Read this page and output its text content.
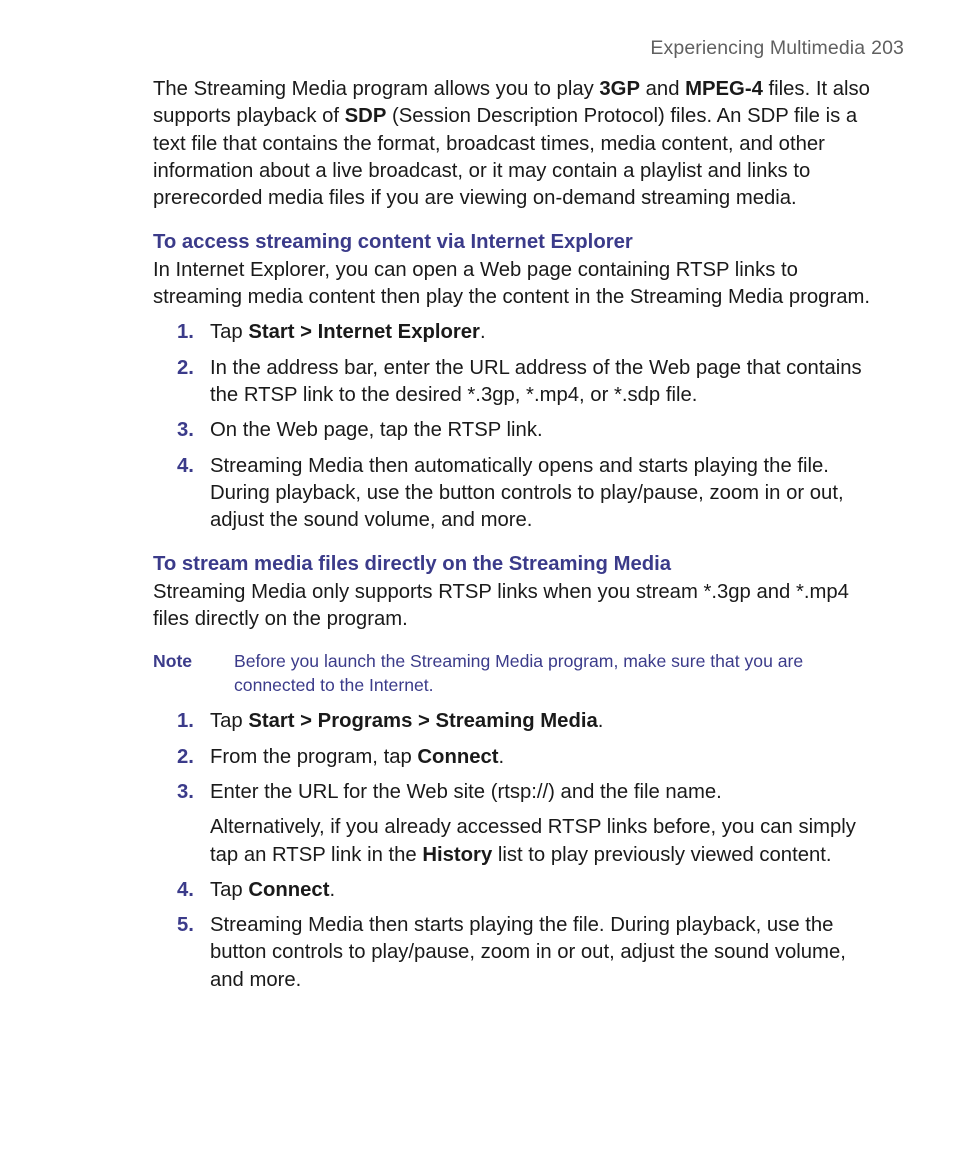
Experiencing Multimedia 203

The Streaming Media program allows you to play 3GP and MPEG-4 files. It also supports playback of SDP (Session Description Protocol) files. An SDP file is a text file that contains the format, broadcast times, media content, and other information about a live broadcast, or it may contain a playlist and links to prerecorded media files if you are viewing on-demand streaming media.

To access streaming content via Internet Explorer

In Internet Explorer, you can open a Web page containing RTSP links to streaming media content then play the content in the Streaming Media program.

1. Tap Start > Internet Explorer.
2. In the address bar, enter the URL address of the Web page that contains the RTSP link to the desired *.3gp, *.mp4, or *.sdp file.
3. On the Web page, tap the RTSP link.
4. Streaming Media then automatically opens and starts playing the file. During playback, use the button controls to play/pause, zoom in or out, adjust the sound volume, and more.

To stream media files directly on the Streaming Media

Streaming Media only supports RTSP links when you stream *.3gp and *.mp4 files directly on the program.

Note Before you launch the Streaming Media program, make sure that you are connected to the Internet.
1. Tap Start > Programs > Streaming Media.
2. From the program, tap Connect.
3. Enter the URL for the Web site (rtsp://) and the file name.

Alternatively, if you already accessed RTSP links before, you can simply tap an RTSP link in the History list to play previously viewed content.

4. Tap Connect.
5. Streaming Media then starts playing the file. During playback, use the button controls to play/pause, zoom in or out, adjust the sound volume, and more.
